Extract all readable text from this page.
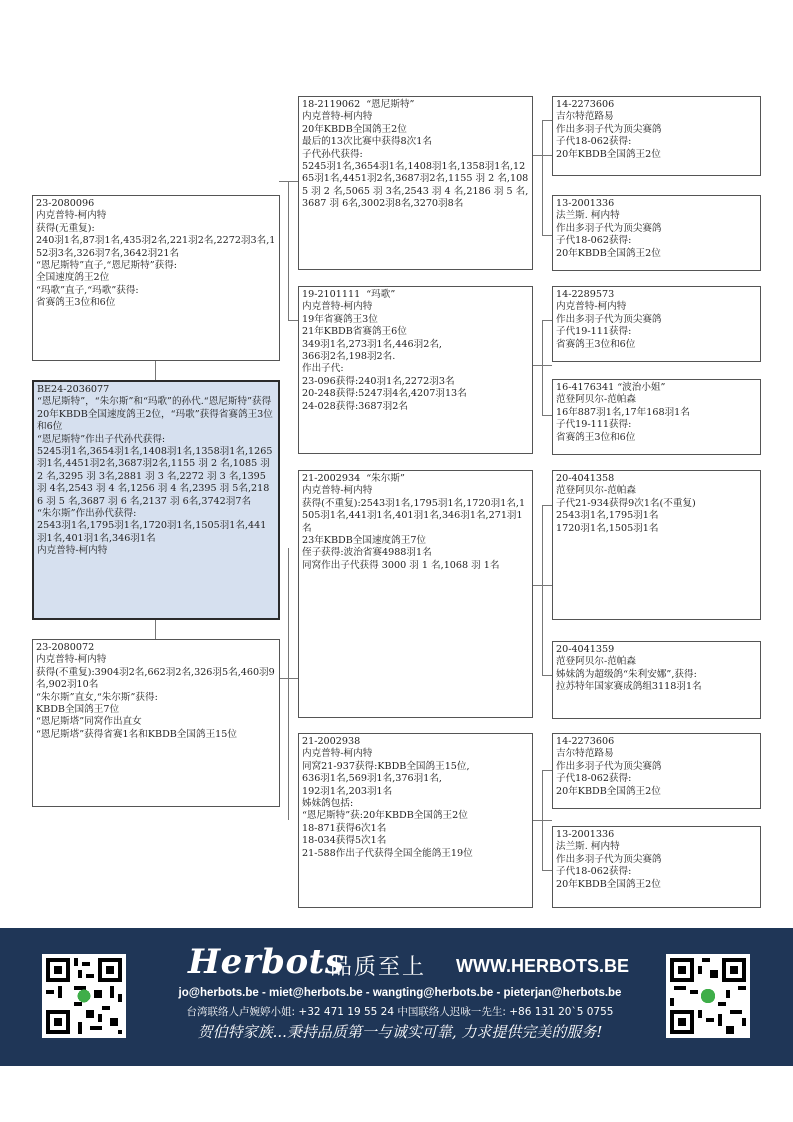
BE24-2036077
“恩尼斯特”，“朱尔斯”和“玛歌”的孙代.“恩尼斯特”获得20年KBDB全国速度鸽王2位，“玛歌”获得省赛鸽王3位和6位
“恩尼斯特”作出子代孙代获得:
5245羽1名,3654羽1名,1408羽1名,1358羽1名,1265羽1名,4451羽2名,3687羽2名,1155 羽 2 名,1085 羽 2 名,3295 羽 3名,2881 羽 3 名,2272 羽 3 名,1395 羽 4名,2543 羽 4 名,1256 羽 4 名,2395 羽 5名,2186 羽 5 名,3687 羽 6 名,2137 羽 6名,3742羽7名
“朱尔斯”作出孙代获得:
2543羽1名,1795羽1名,1720羽1名,1505羽1名,441羽1名,401羽1名,346羽1名
内克普特-柯内特
23-2080096
内克普特-柯内特
获得(无重复):
240羽1名,87羽1名,435羽2名,221羽2名,2272羽3名,152羽3名,326羽7名,3642羽21名
“恩尼斯特”直子,“恩尼斯特”获得:
全国速度鸽王2位
“玛歌”直子,“玛歌”获得:
省赛鸽王3位和6位
23-2080072
内克普特-柯内特
获得(不重复):3904羽2名,662羽2名,326羽5名,460羽9名,902羽10名
“朱尔斯”直女,“朱尔斯”获得:
KBDB全国鸽王7位
“恩尼斯塔”同窝作出直女
“恩尼斯塔”获得省赛1名和KBDB全国鸽王15位
18-2119062  “恩尼斯特”
内克普特-柯内特
20年KBDB全国鸽王2位
最后的13次比赛中获得8次1名
子代孙代获得:
5245羽1名,3654羽1名,1408羽1名,1358羽1名,1265羽1名,4451羽2名,3687羽2名,1155 羽 2 名,1085 羽 2 名,5065 羽 3名,2543 羽 4 名,2186 羽 5 名,3687 羽 6名,3002羽8名,3270羽8名
19-2101111  “玛歌”
内克普特-柯内特
19年省赛鸽王3位
21年KBDB省赛鸽王6位
349羽1名,273羽1名,446羽2名,
366羽2名,198羽2名.
作出子代:
23-096获得:240羽1名,2272羽3名
20-248获得:5247羽4名,4207羽13名
24-028获得:3687羽2名
21-2002934  “朱尔斯”
内克普特-柯内特
获得(不重复):2543羽1名,1795羽1名,1720羽1名,1505羽1名,441羽1名,401羽1名,346羽1名,271羽1名
23年KBDB全国速度鸽王7位
侄子获得:波治省赛4988羽1名
同窝作出子代获得 3000 羽 1 名,1068 羽 1名
21-2002938
内克普特-柯内特
同窝21-937获得:KBDB全国鸽王15位,
636羽1名,569羽1名,376羽1名,
192羽1名,203羽1名
姊妹鸽包括:
“恩尼斯特”获:20年KBDB全国鸽王2位
18-871获得6次1名
18-034获得5次1名
21-588作出子代获得全国全能鸽王19位
14-2273606
吉尔特范路易
作出多羽子代为顶尖赛鸽
子代18-062获得:
20年KBDB全国鸽王2位
13-2001336
法兰斯. 柯内特
作出多羽子代为顶尖赛鸽
子代18-062获得:
20年KBDB全国鸽王2位
14-2289573
内克普特-柯内特
作出多羽子代为顶尖赛鸽
子代19-111获得:
省赛鸽王3位和6位
16-4176341 “波治小姐”
范登阿贝尔-范帕森
16年887羽1名,17年168羽1名
子代19-111获得:
省赛鸽王3位和6位
20-4041358
范登阿贝尔-范帕森
子代21-934获得9次1名(不重复)
2543羽1名,1795羽1名
1720羽1名,1505羽1名
20-4041359
范登阿贝尔-范帕森
姊妹鸽为超级鸽“朱利安娜”,获得:
拉苏特年国家赛成鸽组3118羽1名
14-2273606
吉尔特范路易
作出多羽子代为顶尖赛鸽
子代18-062获得:
20年KBDB全国鸽王2位
13-2001336
法兰斯. 柯内特
作出多羽子代为顶尖赛鸽
子代18-062获得:
20年KBDB全国鸽王2位
Herbots
品质至上 WWW.HERBOTS.BE
jo@herbots.be - miet@herbots.be - wangting@herbots.be - pieterjan@herbots.be
台湾联络人卢婉婷小姐: +32 471 19 55 24 中国联络人迟咏一先生: +86 131 20`5 0755
贺伯特家族...秉持品质第一与诚实可靠, 力求提供完美的服务!
